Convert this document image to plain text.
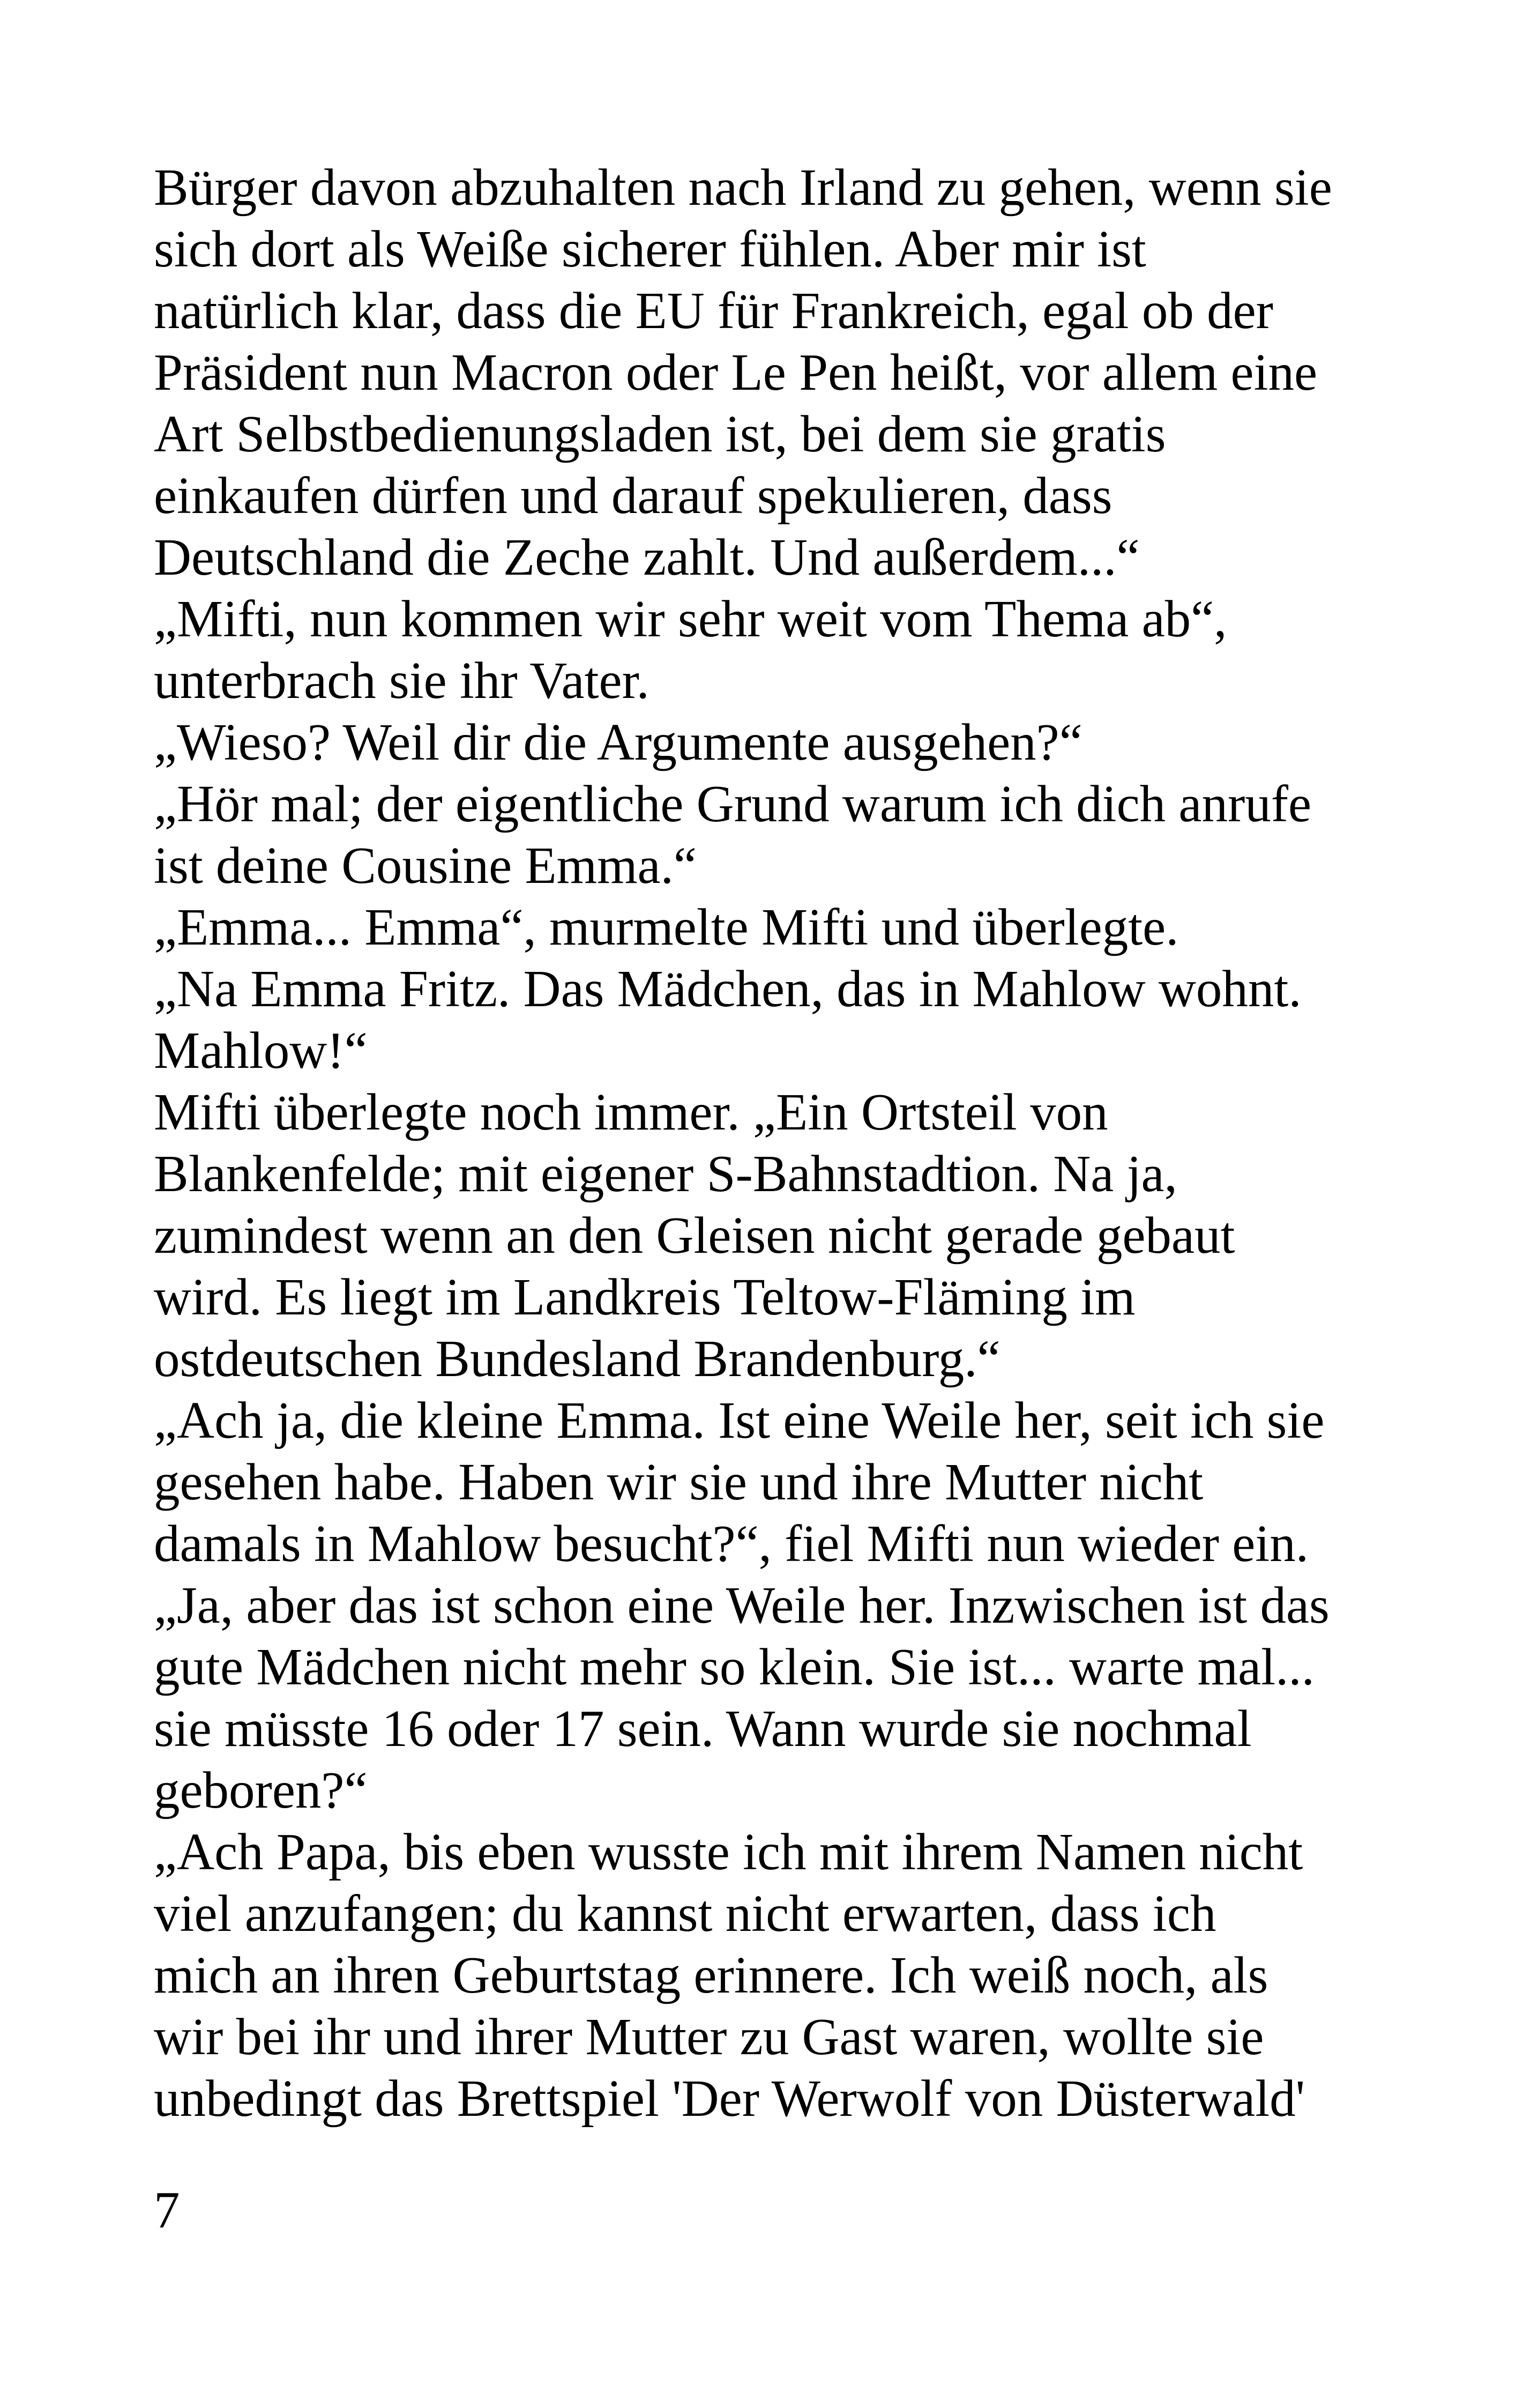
Bürger davon abzuhalten nach Irland zu gehen, wenn sie
sich dort als Weiße sicherer fühlen. Aber mir ist
natürlich klar, dass die EU für Frankreich, egal ob der
Präsident nun Macron oder Le Pen heißt, vor allem eine
Art Selbstbedienungsladen ist, bei dem sie gratis
einkaufen dürfen und darauf spekulieren, dass
Deutschland die Zeche zahlt. Und außerdem...“
„Mifti, nun kommen wir sehr weit vom Thema ab“,
unterbrach sie ihr Vater.
„Wieso? Weil dir die Argumente ausgehen?“
„Hör mal; der eigentliche Grund warum ich dich anrufe
ist deine Cousine Emma.“
„Emma... Emma“, murmelte Mifti und überlegte.
„Na Emma Fritz. Das Mädchen, das in Mahlow wohnt.
Mahlow!“
Mifti überlegte noch immer. „Ein Ortsteil von
Blankenfelde; mit eigener S-Bahnstadtion. Na ja,
zumindest wenn an den Gleisen nicht gerade gebaut
wird. Es liegt im Landkreis Teltow-Fläming im
ostdeutschen Bundesland Brandenburg.“
„Ach ja, die kleine Emma. Ist eine Weile her, seit ich sie
gesehen habe. Haben wir sie und ihre Mutter nicht
damals in Mahlow besucht?“, fiel Mifti nun wieder ein.
„Ja, aber das ist schon eine Weile her. Inzwischen ist das
gute Mädchen nicht mehr so klein. Sie ist... warte mal...
sie müsste 16 oder 17 sein. Wann wurde sie nochmal
geboren?“
„Ach Papa, bis eben wusste ich mit ihrem Namen nicht
viel anzufangen; du kannst nicht erwarten, dass ich
mich an ihren Geburtstag erinnere. Ich weiß noch, als
wir bei ihr und ihrer Mutter zu Gast waren, wollte sie
unbedingt das Brettspiel 'Der Werwolf von Düsterwald'
7
